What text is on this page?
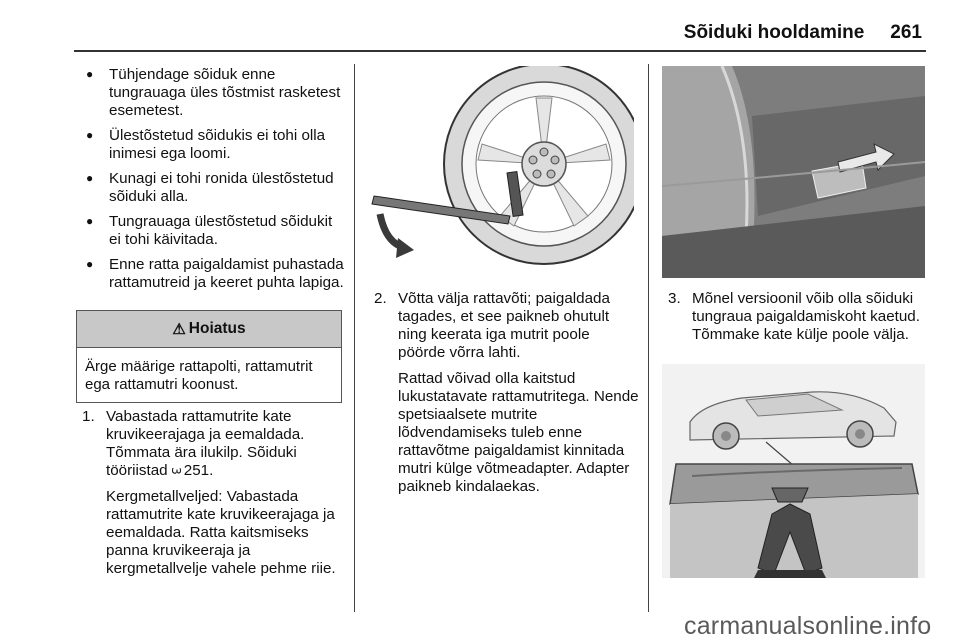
Sõiduki hooldamine 261
● Tühjendage sõiduk enne tungrauaga üles tõstmist rasketest esemetest.
● Ülestõstetud sõidukis ei tohi olla inimesi ega loomi.
● Kunagi ei tohi ronida ülestõstetud sõiduki alla.
● Tungrauaga ülestõstetud sõidukit ei tohi käivitada.
● Enne ratta paigaldamist puhastada rattamutreid ja keeret puhta lapiga.
⚠ Hoiatus
Ärge määrige rattapolti, rattamutrit ega rattamutri koonust.
1. Vabastada rattamutrite kate kruvikeerajaga ja eemaldada. Tõmmata ära ilukilp. Sõiduki tööriistad 3 251.

Kergmetallveljed: Vabastada rattamutrite kate kruvikeerajaga ja eemaldada. Ratta kaitsmiseks panna kruvikeeraja ja kergmetallvelje vahele pehme riie.

2. Võtta välja rattavõti; paigaldada tagades, et see paikneb ohutult ning keerata iga mutrit poole pöörde võrra lahti.

Rattad võivad olla kaitstud lukustatavate rattamutritega. Nende spetsiaalsete mutrite lõdvendamiseks tuleb enne rattavõtme paigaldamist kinnitada mutri külge võtmeadapter. Adapter paikneb kindalaekas.

3. Mõnel versioonil võib olla sõiduki tungraua paigaldamiskoht kaetud. Tõmmake kate külje poole välja.

carmanualsonline.info
